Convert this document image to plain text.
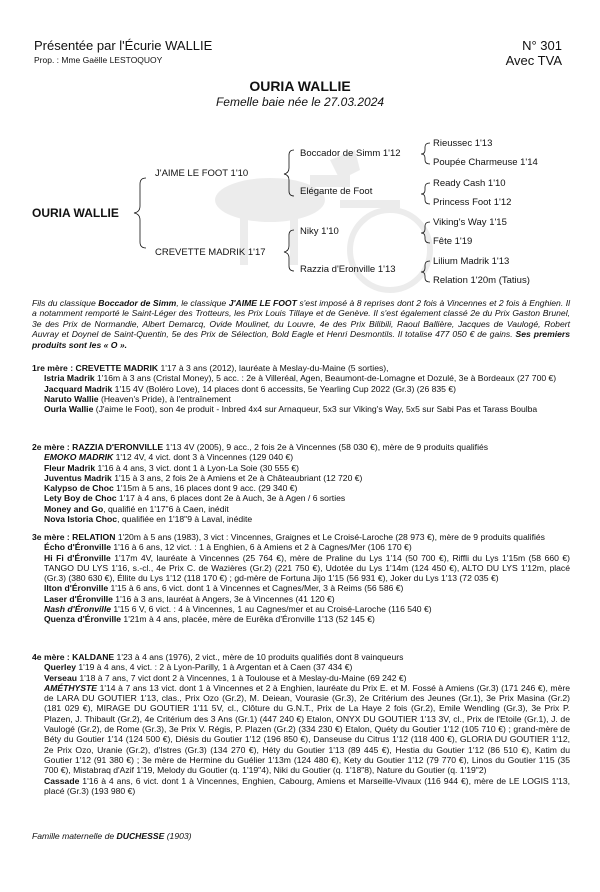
Présentée par l'Écurie WALLIE
Prop. : Mme Gaëlle LESTOQUOY
N° 301
Avec TVA
OURIA WALLIE
Femelle baie née le 27.03.2024
OURIA WALLIE
J'AIME LE FOOT 1'10
CREVETTE MADRIK 1'17
Boccador de Simm 1'12
Elégante de Foot
Niky 1'10
Razzia d'Eronville 1'13
Rieussec 1'13
Poupée Charmeuse 1'14
Ready Cash 1'10
Princess Foot 1'12
Viking's Way 1'15
Fête 1'19
Lilium Madrik 1'13
Relation 1'20m (Tatius)

Fils du classique Boccador de Simm, le classique J'AIME LE FOOT s'est imposé à 8 reprises dont 2 fois à Vincennes et 2 fois à Enghien. Il a notamment remporté le Saint-Léger des Trotteurs, les Prix Louis Tillaye et de Genève. Il s'est également classé 2e du Prix Gaston Brunel, 3e des Prix de Normandie, Albert Demarcq, Ovide Moulinet, du Louvre, 4e des Prix Bilibili, Raoul Ballière, Jacques de Vaulogé, Robert Auvray et Doynel de Saint-Quentin, 5e des Prix de Sélection, Bold Eagle et Henri Desmontils. Il totalise 477 050 € de gains. Ses premiers produits sont les « O ».

1re mère : CREVETTE MADRIK 1'17 à 3 ans (2012), lauréate à Meslay-du-Maine (5 sorties),

Istria Madrik 1'16m à 3 ans (Cristal Money), 5 acc. : 2e à Villeréal, Agen, Beaumont-de-Lomagne et Dozulé, 3e à Bordeaux (27 700 €)

Jacquard Madrik 1'15 4V (Boléro Love), 14 places dont 6 accessits, 5e Yearling Cup 2022 (Gr.3) (26 835 €)

Naruto Wallie (Heaven's Pride), à l'entraînement

Ourla Wallie (J'aime le Foot), son 4e produit - Inbred 4x4 sur Arnaqueur, 5x3 sur Viking's Way, 5x5 sur Sabi Pas et Tarass Boulba

2e mère : RAZZIA D'ERONVILLE 1'13 4V (2005), 9 acc., 2 fois 2e à Vincennes (58 030 €), mère de 9 produits qualifiés

EMOKO MADRIK 1'12 4V, 4 vict. dont 3 à Vincennes (129 040 €)

Fleur Madrik 1'16 à 4 ans, 3 vict. dont 1 à Lyon-La Soie (30 555 €)

Juventus Madrik 1'15 à 3 ans, 2 fois 2e à Amiens et 2e à Châteaubriant (12 720 €)

Kalypso de Choc 1'15m à 5 ans, 16 places dont 9 acc. (29 340 €)

Lety Boy de Choc 1'17 à 4 ans, 6 places dont 2e à Auch, 3e à Agen / 6 sorties

Money and Go, qualifié en 1'17"6 à Caen, inédit

Nova Istoria Choc, qualifiée en 1'18"9 à Laval, inédite

3e mère : RELATION 1'20m à 5 ans (1983), 3 vict : Vincennes, Graignes et Le Croisé-Laroche (28 973 €), mère de 9 produits qualifiés

Écho d'Éronville 1'16 à 6 ans, 12 vict. : 1 à Enghien, 6 à Amiens et 2 à Cagnes/Mer (106 170 €)

Hi Fi d'Éronville 1'17m 4V, lauréate à Vincennes (25 764 €), mère de Praline du Lys 1'14 (50 700 €), Riffli du Lys 1'15m (58 660 €) TANGO DU LYS 1'16, s.-cl., 4e Prix C. de Wazières (Gr.2) (221 750 €), Udotée du Lys 1'14m (124 450 €), ALTO DU LYS 1'12m, placé (Gr.3) (380 630 €), Éllite du Lys 1'12 (118 170 €) ; gd-mère de Fortuna Jijo 1'15 (56 931 €), Joker du Lys 1'13 (72 035 €)

Ilton d'Éronville 1'15 à 6 ans, 6 vict. dont 1 à Vincennes et Cagnes/Mer, 3 à Reims (56 586 €)

Laser d'Éronville 1'16 à 3 ans, lauréat à Angers, 3e à Vincennes (41 120 €)

Nash d'Éronville 1'15 6 V, 6 vict. : 4 à Vincennes, 1 au Cagnes/mer et au Croisé-Laroche (116 540 €)

Quenza d'Éronville 1'21m à 4 ans, placée, mère de Eurêka d'Éronville 1'13 (52 145 €)

4e mère : KALDANE 1'23 à 4 ans (1976), 2 vict., mère de 10 produits qualifiés dont 8 vainqueurs

Querley 1'19 à 4 ans, 4 vict. : 2 à Lyon-Parilly, 1 à Argentan et à Caen (37 434 €)

Verseau 1'18 à 7 ans, 7 vict dont 2 à Vincennes, 1 à Toulouse et à Meslay-du-Maine (69 242 €)

AMÉTHYSTE 1'14 à 7 ans 13 vict. dont 1 à Vincennes et 2 à Enghien, lauréate du Prix E. et M. Fossé à Amiens (Gr.3) (171 246 €), mère de LARA DU GOUTIER 1'13, clas., Prix Ozo (Gr.2), M. Deiean, Vourasie (Gr.3), 2e Critérium des Jeunes (Gr.1), 3e Prix Masina (Gr.2) (181 029 €), MIRAGE DU GOUTIER 1'11 5V, cl., Clôture du G.N.T., Prix de La Haye 2 fois (Gr.2), Emile Wendling (Gr.3), 3e Prix P. Plazen, J. Thibault (Gr.2), 4e Critérium des 3 Ans (Gr.1) (447 240 €) Etalon, ONYX DU GOUTIER 1'13 3V, cl., Prix de l'Etoile (Gr.1), J. de Vaulogé (Gr.2), de Rome (Gr.3), 3e Prix V. Régis, P. Plazen (Gr.2) (334 230 €) Etalon, Quéty du Goutier 1'12 (105 710 €) ; grand-mère de Béty du Goutier 1'14 (124 500 €), Diésis du Goutier 1'12 (196 850 €), Danseuse du Citrus 1'12 (118 400 €), GLORIA DU GOUTIER 1'12, 2e Prix Ozo, Uranie (Gr.2), d'Istres (Gr.3) (134 270 €), Héty du Goutier 1'13 (89 445 €), Hestia du Goutier 1'12 (86 510 €), Katim du Goutier 1'12 (91 380 €) ; 3e mère de Hermine du Guélier 1'13m (124 480 €), Kety du Goutier 1'12 (79 770 €), Linos du Goutier 1'15 (35 700 €), Mistabraq d'Azif 1'19, Melody du Goutier (q. 1'19"4), Niki du Goutier (q. 1'18"8), Nature du Goutier (q. 1'19"2)

Cassade 1'16 à 4 ans, 6 vict. dont 1 à Vincennes, Enghien, Cabourg, Amiens et Marseille-Vivaux (116 944 €), mère de LE LOGIS 1'13, placé (Gr.3) (193 980 €)

Famille maternelle de DUCHESSE (1903)
